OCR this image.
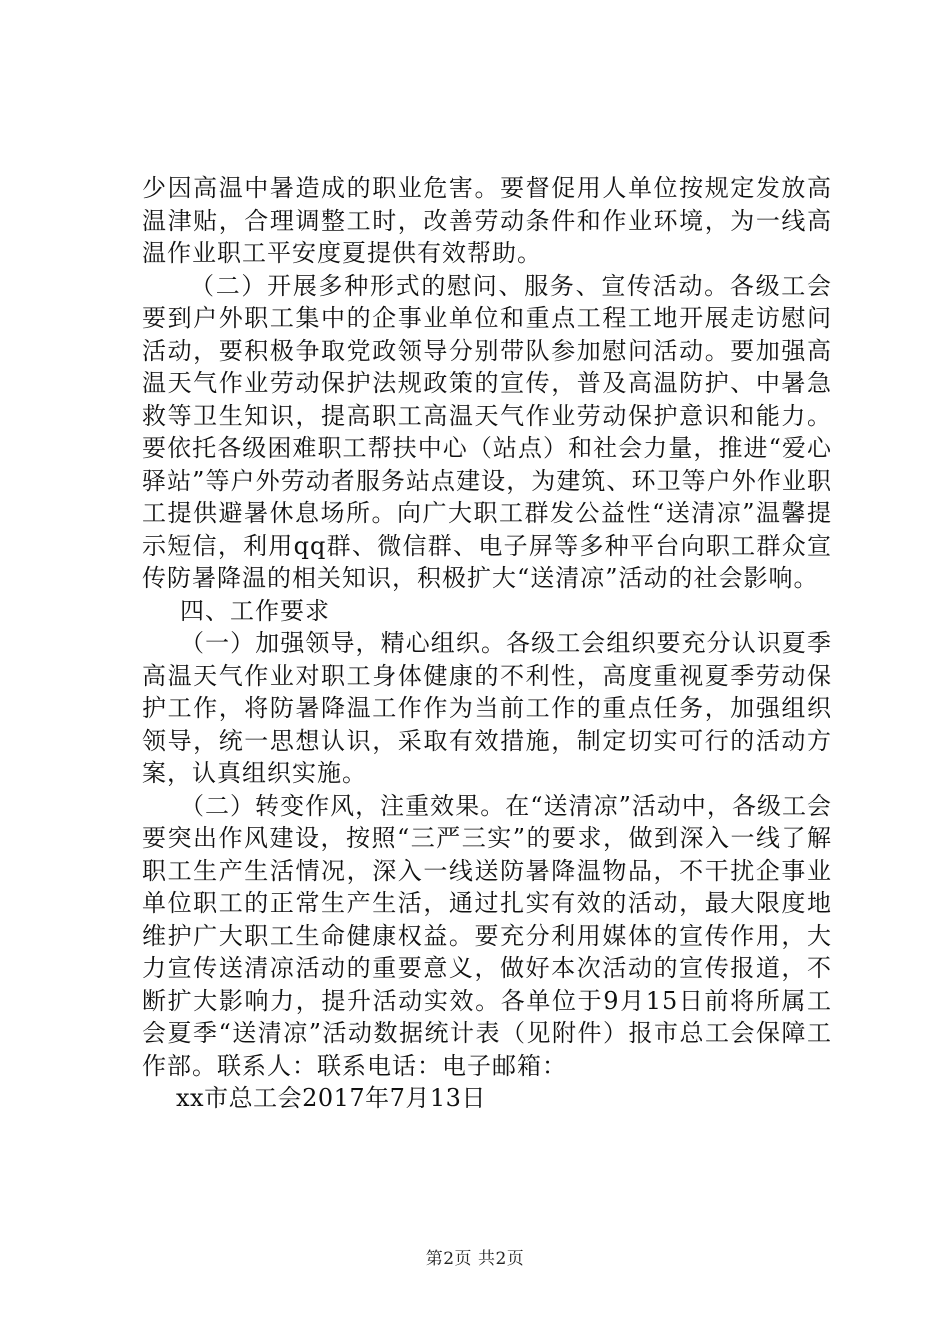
少因高温中暑造成的职业危害。要督促用人单位按规定发放高温津贴，合理调整工时，改善劳动条件和作业环境，为一线高温作业职工平安度夏提供有效帮助。

（二）开展多种形式的慰问、服务、宣传活动。各级工会要到户外职工集中的企事业单位和重点工程工地开展走访慰问活动，要积极争取党政领导分别带队参加慰问活动。要加强高温天气作业劳动保护法规政策的宣传，普及高温防护、中暑急救等卫生知识，提高职工高温天气作业劳动保护意识和能力。要依托各级困难职工帮扶中心（站点）和社会力量，推进“爱心驿站”等户外劳动者服务站点建设，为建筑、环卫等户外作业职工提供避暑休息场所。向广大职工群发公益性“送清凉”温馨提示短信，利用qq群、微信群、电子屏等多种平台向职工群众宣传防暑降温的相关知识，积极扩大“送清凉”活动的社会影响。

四、工作要求

（一）加强领导，精心组织。各级工会组织要充分认识夏季高温天气作业对职工身体健康的不利性，高度重视夏季劳动保护工作，将防暑降温工作作为当前工作的重点任务，加强组织领导，统一思想认识，采取有效措施，制定切实可行的活动方案，认真组织实施。

（二）转变作风，注重效果。在“送清凉”活动中，各级工会要突出作风建设，按照“三严三实”的要求，做到深入一线了解职工生产生活情况，深入一线送防暑降温物品，不干扰企事业单位职工的正常生产生活，通过扎实有效的活动，最大限度地维护广大职工生命健康权益。要充分利用媒体的宣传作用，大力宣传送清凉活动的重要意义，做好本次活动的宣传报道，不断扩大影响力，提升活动实效。各单位于9月15日前将所属工会夏季“送清凉”活动数据统计表（见附件）报市总工会保障工作部。联系人：联系电话：电子邮箱：

xx市总工会2017年7月13日

第2页 共2页
